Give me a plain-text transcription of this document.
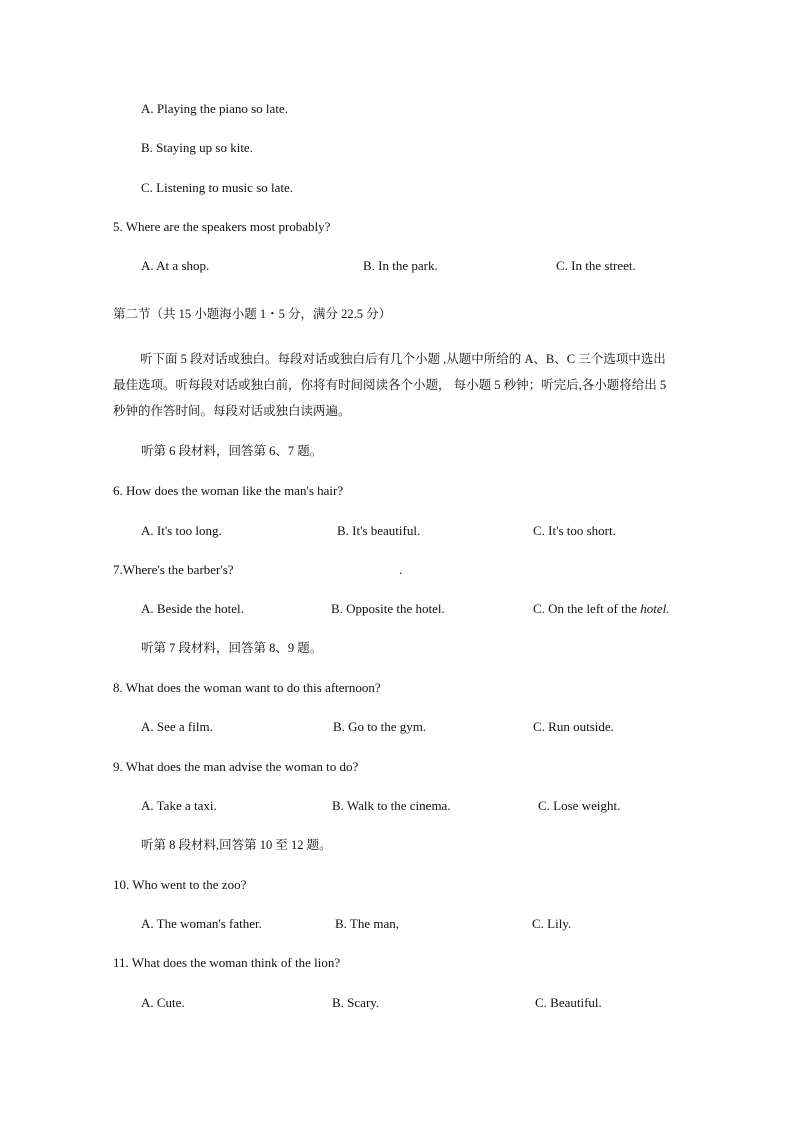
A. Playing the piano so late.
B. Staying up so kite.
C. Listening to music so late.
5. Where are the speakers most probably?
A. At a shop.	B. In the park.	C. In the street.
第二节（共 15 小题海小题 1・5 分，满分 22.5 分）
听下面 5 段对话或独白。每段对话或独白后有几个小题 ,从题中所给的 A、B、C 三个选项中选出最佳选项。听每段对话或独白前，你将有时间阅读各个小题， 每小题 5 秒钟；听完后,各小题将给出 5 秒钟的作答时间。每段对话或独白读两遍。
听第 6 段材料，回答第 6、7 题。
6. How does the woman like the man's hair?
A. It's too long.	B. It's beautiful.	C. It's too short.
7.Where's the barber's?	.
A. Beside the hotel.	B. Opposite the hotel.	C. On the left of the hotel.
听第 7 段材料，回答第 8、9 题。
8. What does the woman want to do this afternoon?
A. See a film.	B. Go to the gym.	C. Run outside.
9. What does the man advise the woman to do?
A. Take a taxi.	B. Walk to the cinema.	C. Lose weight.
听第 8 段材料,回答第 10 至 12 题。
10. Who went to the zoo?
A. The woman's father.	B. The man,	C. Lily.
11. What does the woman think of the lion?
A. Cute.	B. Scary.	C. Beautiful.
